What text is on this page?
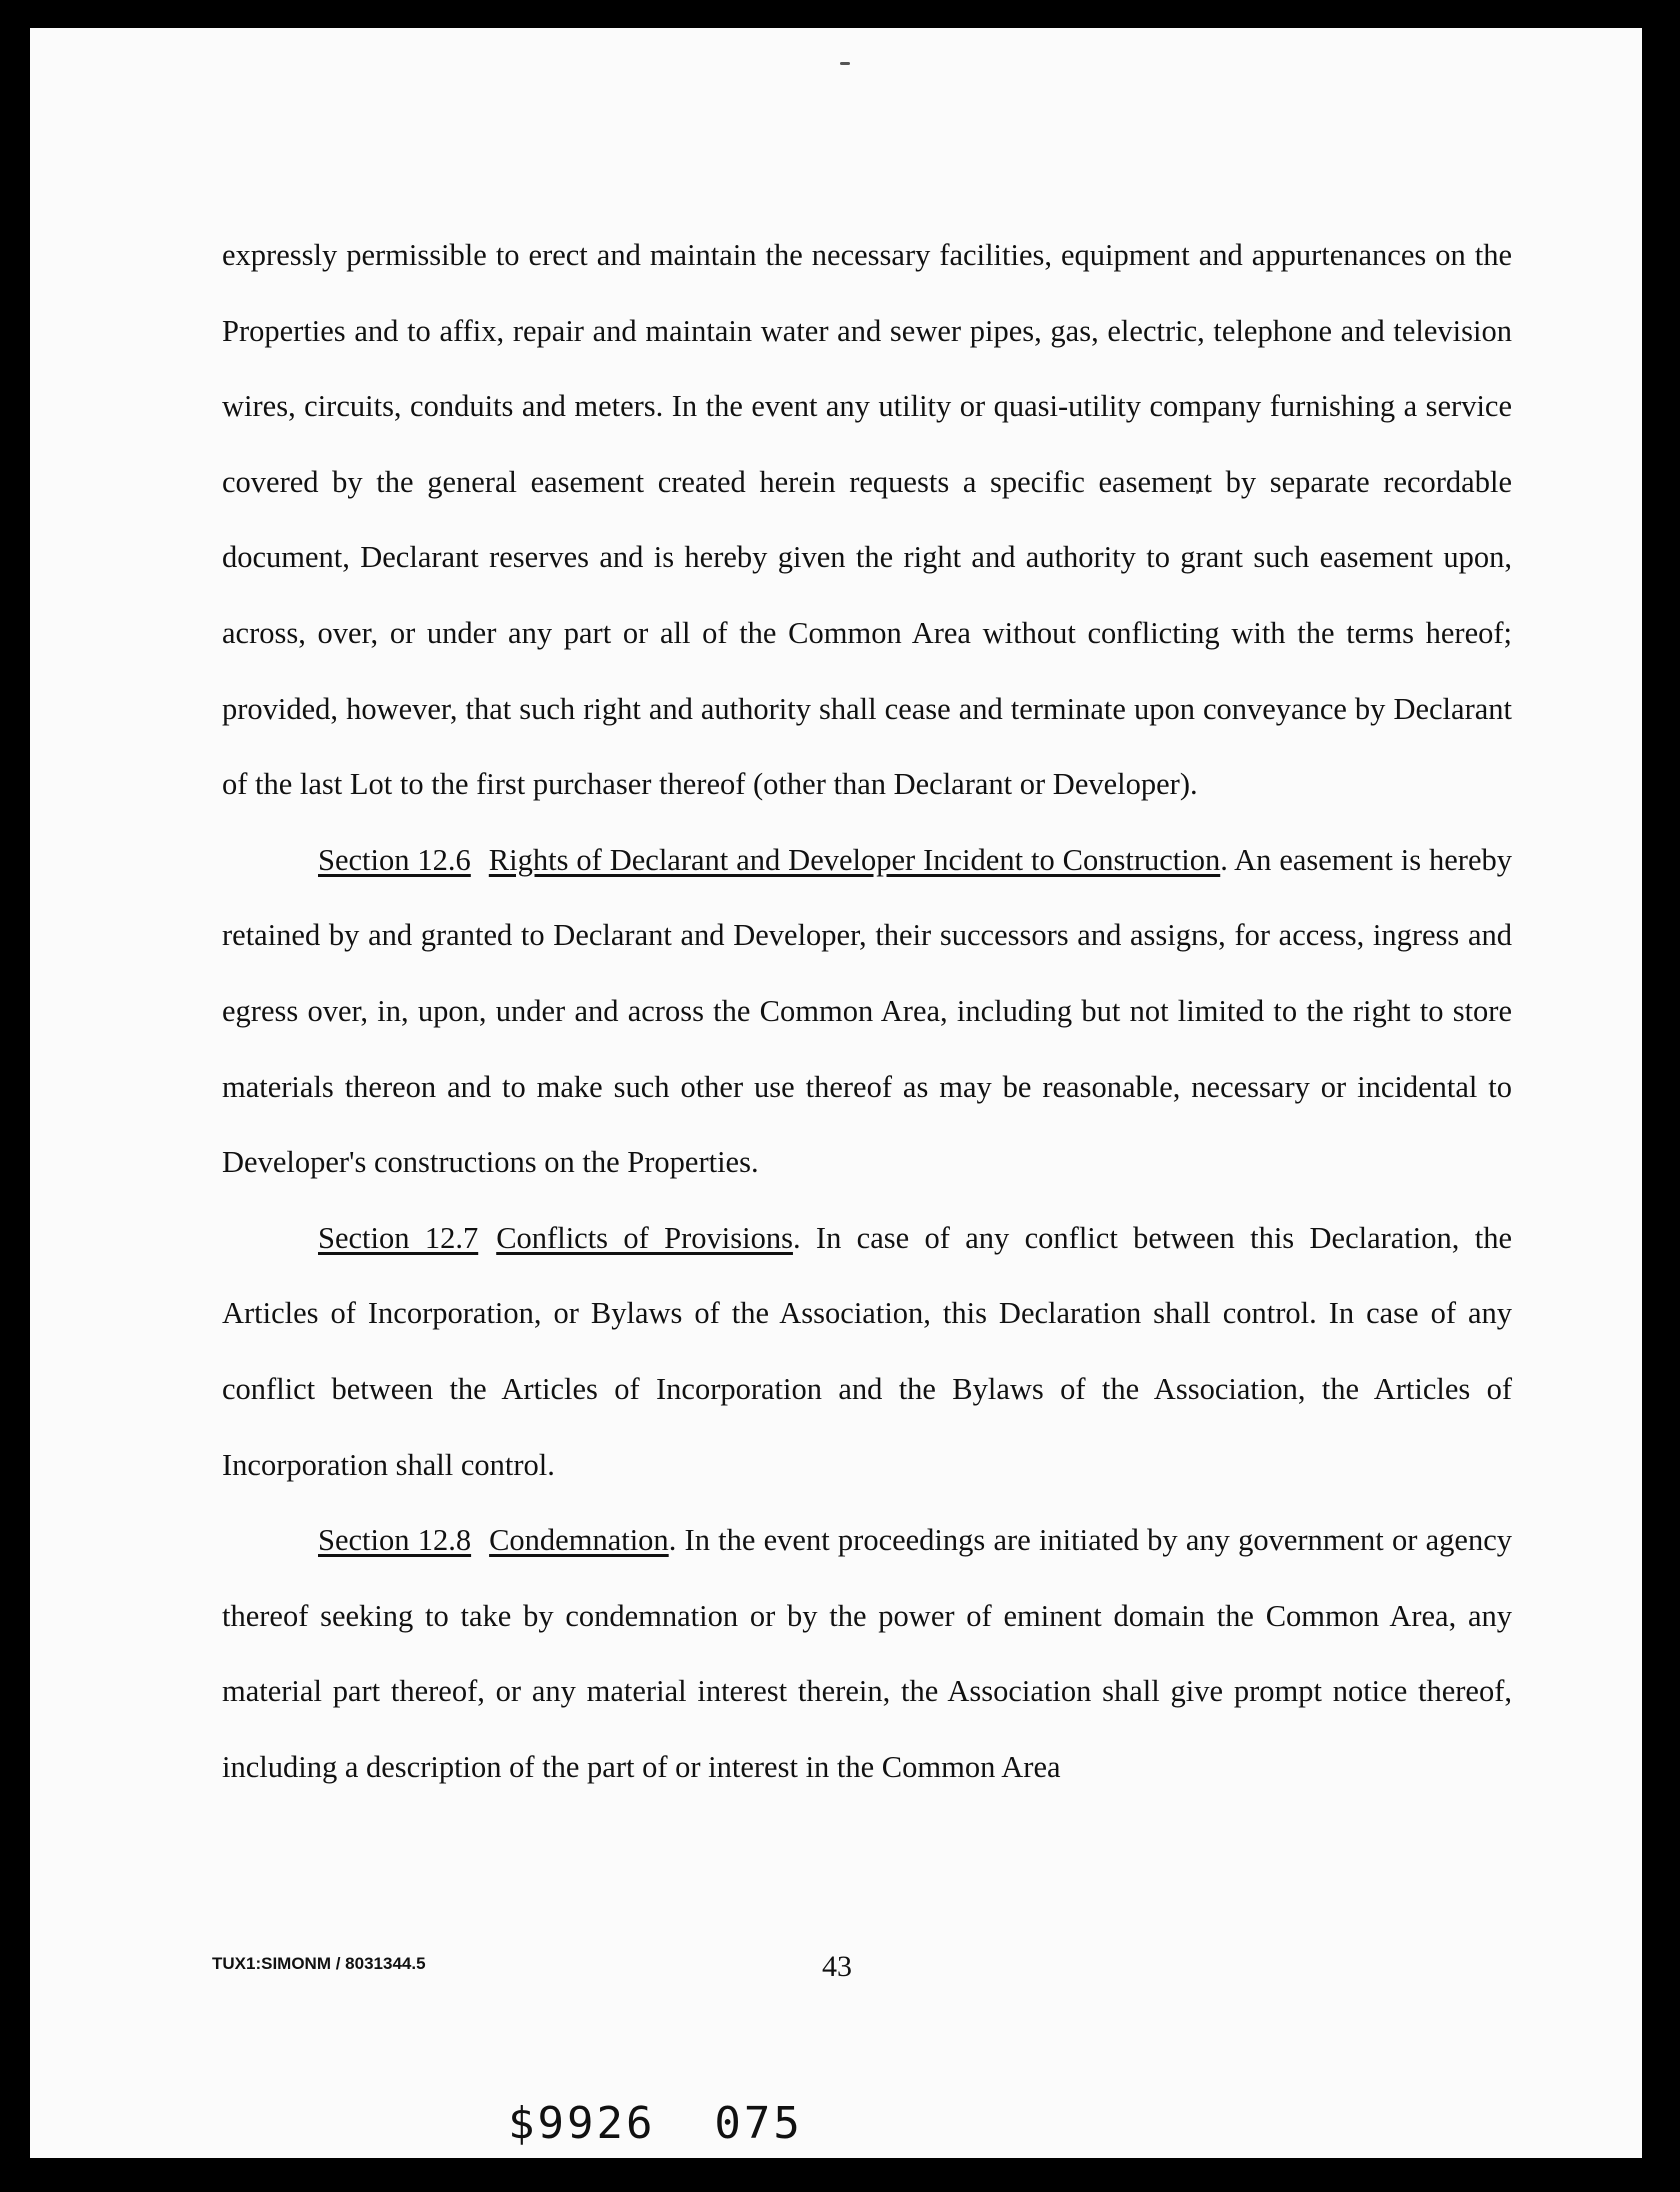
expressly permissible to erect and maintain the necessary facilities, equipment and appurtenances on the Properties and to affix, repair and maintain water and sewer pipes, gas, electric, telephone and television wires, circuits, conduits and meters. In the event any utility or quasi-utility company furnishing a service covered by the general easement created herein requests a specific easement by separate recordable document, Declarant reserves and is hereby given the right and authority to grant such easement upon, across, over, or under any part or all of the Common Area without conflicting with the terms hereof; provided, however, that such right and authority shall cease and terminate upon conveyance by Declarant of the last Lot to the first purchaser thereof (other than Declarant or Developer).

Section 12.6 Rights of Declarant and Developer Incident to Construction. An easement is hereby retained by and granted to Declarant and Developer, their successors and assigns, for access, ingress and egress over, in, upon, under and across the Common Area, including but not limited to the right to store materials thereon and to make such other use thereof as may be reasonable, necessary or incidental to Developer's constructions on the Properties.

Section 12.7 Conflicts of Provisions. In case of any conflict between this Declaration, the Articles of Incorporation, or Bylaws of the Association, this Declaration shall control. In case of any conflict between the Articles of Incorporation and the Bylaws of the Association, the Articles of Incorporation shall control.

Section 12.8 Condemnation. In the event proceedings are initiated by any government or agency thereof seeking to take by condemnation or by the power of eminent domain the Common Area, any material part thereof, or any material interest therein, the Association shall give prompt notice thereof, including a description of the part of or interest in the Common Area

TUX1:SIMONM / 8031344.5	43
$9926  075
